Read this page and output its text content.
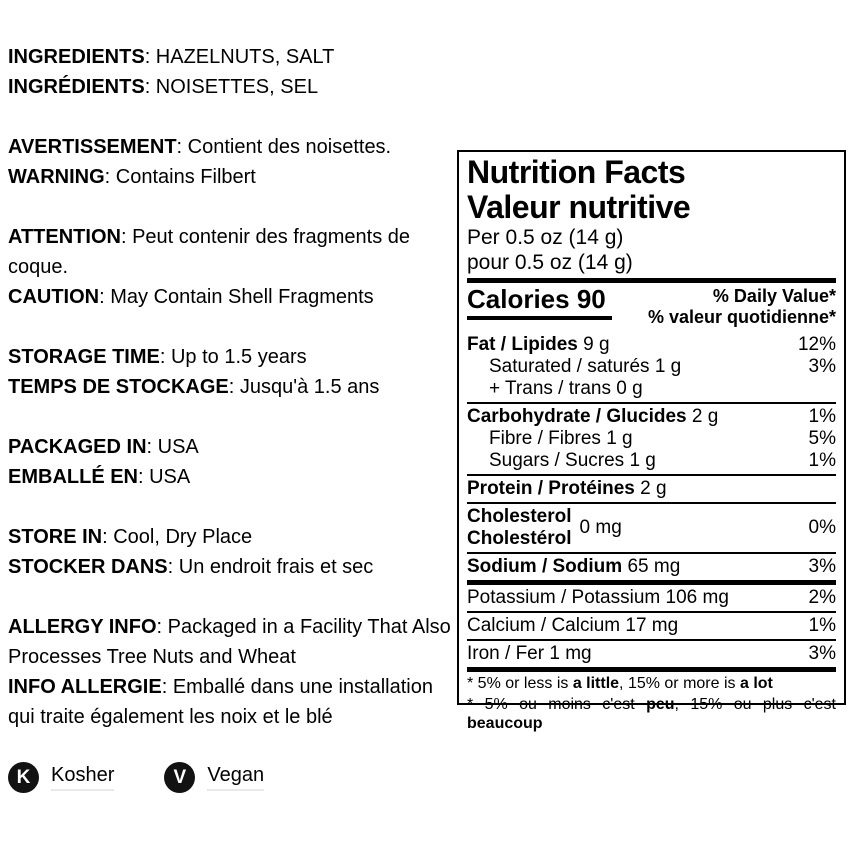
INGREDIENTS: HAZELNUTS, SALT

INGRÉDIENTS: NOISETTES, SEL

AVERTISSEMENT: Contient des noisettes.

WARNING: Contains Filbert

ATTENTION: Peut contenir des fragments de coque.

CAUTION: May Contain Shell Fragments

STORAGE TIME: Up to 1.5 years

TEMPS DE STOCKAGE: Jusqu'à 1.5 ans

PACKAGED IN: USA

EMBALLÉ EN: USA

STORE IN: Cool, Dry Place

STOCKER DANS: Un endroit frais et sec

ALLERGY INFO: Packaged in a Facility That Also Processes Tree Nuts and Wheat

INFO ALLERGIE: Emballé dans une installation qui traite également les noix et le blé

K	Kosher	V	Vegan
Nutrition Facts
Valeur nutritive
Per 0.5 oz (14 g)
pour 0.5 oz (14 g)
Calories 90	% Daily Value*
% valeur quotidienne*
Fat / Lipides 9 g	12%
Saturated / saturés 1 g	3%
+ Trans / trans 0 g
Carbohydrate / Glucides 2 g	1%
Fibre / Fibres 1 g	5%
Sugars / Sucres 1 g	1%
Protein / Protéines 2 g
Cholesterol
Cholestérol
0 mg	0%
Sodium / Sodium 65 mg	3%
Potassium / Potassium 106 mg	2%
Calcium / Calcium 17 mg	1%
Iron / Fer 1 mg	3%

* 5% or less is a little, 15% or more is a lot

* 5% ou moins c'est peu, 15% ou plus c'est beaucoup
